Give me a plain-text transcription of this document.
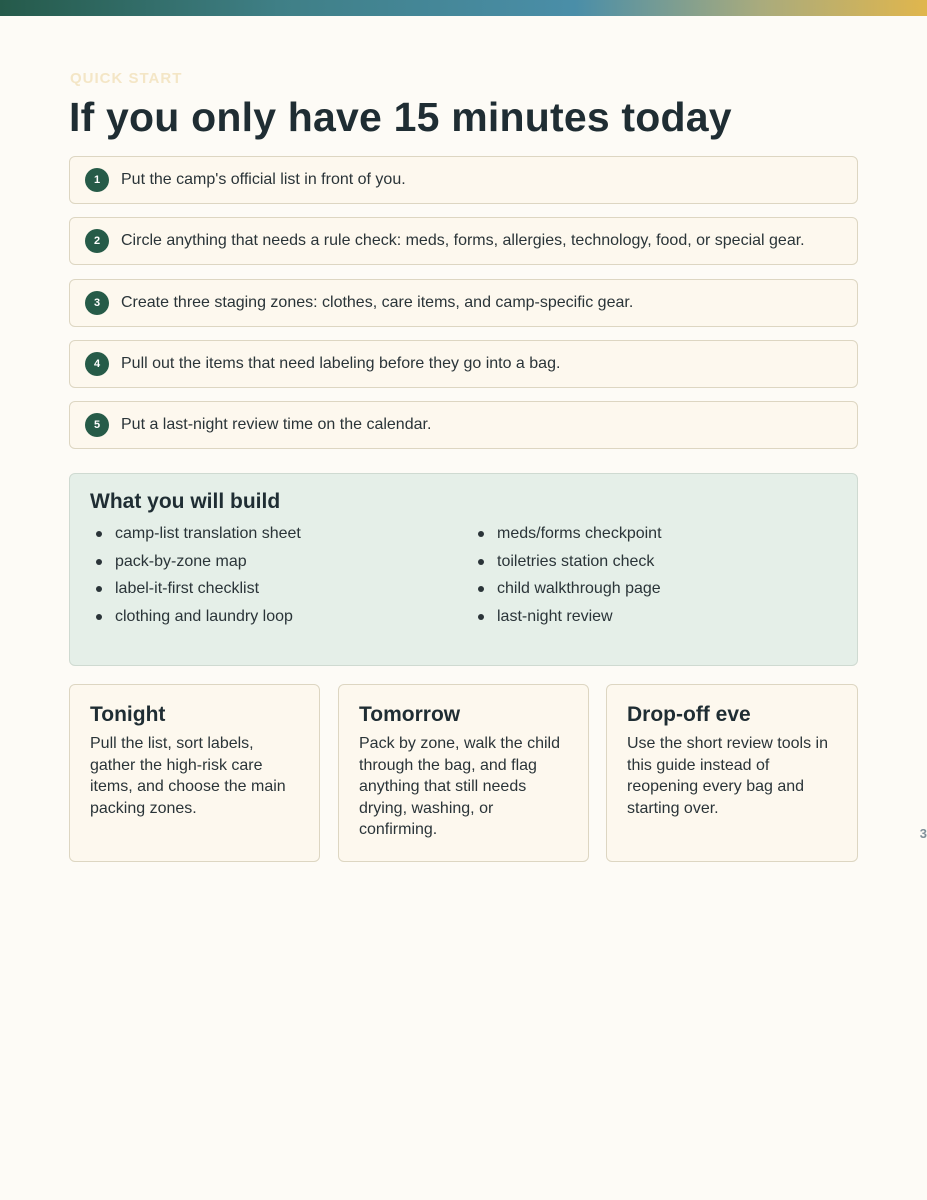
QUICK START
If you only have 15 minutes today
1	Put the camp's official list in front of you.
2	Circle anything that needs a rule check: meds, forms, allergies, technology, food, or special gear.
3	Create three staging zones: clothes, care items, and camp-specific gear.
4	Pull out the items that need labeling before they go into a bag.
5	Put a last-night review time on the calendar.
What you will build
camp-list translation sheet
pack-by-zone map
label-it-first checklist
clothing and laundry loop
meds/forms checkpoint
toiletries station check
child walkthrough page
last-night review
Tonight

Pull the list, sort labels, gather the high-risk care items, and choose the main packing zones.

Tomorrow

Pack by zone, walk the child through the bag, and flag anything that still needs drying, washing, or confirming.

Drop-off eve

Use the short review tools in this guide instead of reopening every bag and starting over.

3
